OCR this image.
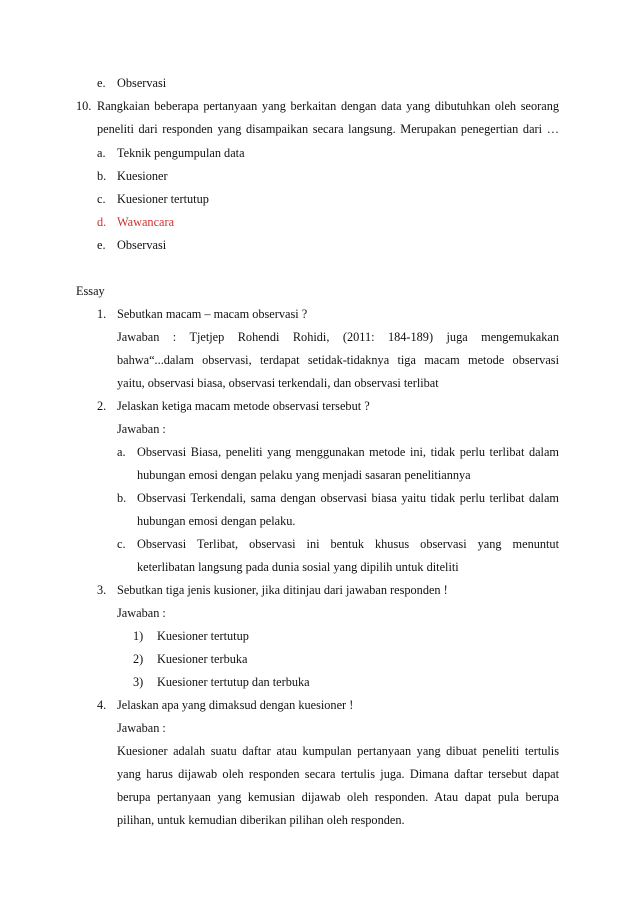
e. Observasi
10. Rangkaian beberapa pertanyaan yang berkaitan dengan data yang dibutuhkan oleh seorang
peneliti dari responden yang disampaikan secara langsung. Merupakan penegertian dari …
a. Teknik pengumpulan data
b. Kuesioner
c. Kuesioner tertutup
d. Wawancara
e. Observasi
Essay
1. Sebutkan macam – macam observasi ?
Jawaban : Tjetjep Rohendi Rohidi, (2011: 184-189) juga mengemukakan
bahwa“...dalam observasi, terdapat setidak-tidaknya tiga macam metode observasi
yaitu, observasi biasa, observasi terkendali, dan observasi terlibat
2. Jelaskan ketiga macam metode observasi tersebut ?
Jawaban :
a. Observasi Biasa, peneliti yang menggunakan metode ini, tidak perlu terlibat dalam
hubungan emosi dengan pelaku yang menjadi sasaran penelitiannya
b. Observasi Terkendali, sama dengan observasi biasa yaitu tidak perlu terlibat dalam
hubungan emosi dengan pelaku.
c. Observasi Terlibat, observasi ini bentuk khusus observasi yang menuntut
keterlibatan langsung pada dunia sosial yang dipilih untuk diteliti
3. Sebutkan tiga jenis kusioner, jika ditinjau dari jawaban responden !
Jawaban :
1) Kuesioner tertutup
2) Kuesioner terbuka
3) Kuesioner tertutup dan terbuka
4. Jelaskan apa yang dimaksud dengan kuesioner !
Jawaban :
Kuesioner adalah suatu daftar atau kumpulan pertanyaan yang dibuat peneliti tertulis
yang harus dijawab oleh responden secara tertulis juga. Dimana daftar tersebut dapat
berupa pertanyaan yang kemusian dijawab oleh responden. Atau dapat pula berupa
pilihan, untuk kemudian diberikan pilihan oleh responden.
